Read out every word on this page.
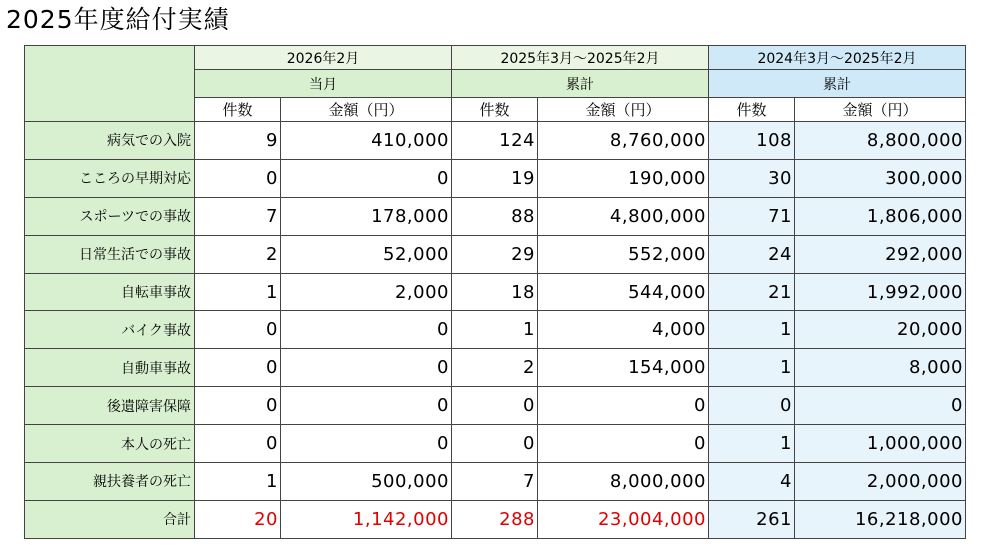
2025年度給付実績
	2026年2月		2025年3月～2025年2月		2024年3月～2025年2月	
	当月		累計		累計	
	件数	金額（円）	件数	金額（円）	件数	金額（円）
病気での入院	9	410,000	124	8,760,000	108	8,800,000
こころの早期対応	0	0	19	190,000	30	300,000
スポーツでの事故	7	178,000	88	4,800,000	71	1,806,000
日常生活での事故	2	52,000	29	552,000	24	292,000
自転車事故	1	2,000	18	544,000	21	1,992,000
バイク事故	0	0	1	4,000	1	20,000
自動車事故	0	0	2	154,000	1	8,000
後遺障害保障	0	0	0	0	0	0
本人の死亡	0	0	0	0	1	1,000,000
親扶養者の死亡	1	500,000	7	8,000,000	4	2,000,000
合計	20	1,142,000	288	23,004,000	261	16,218,000
